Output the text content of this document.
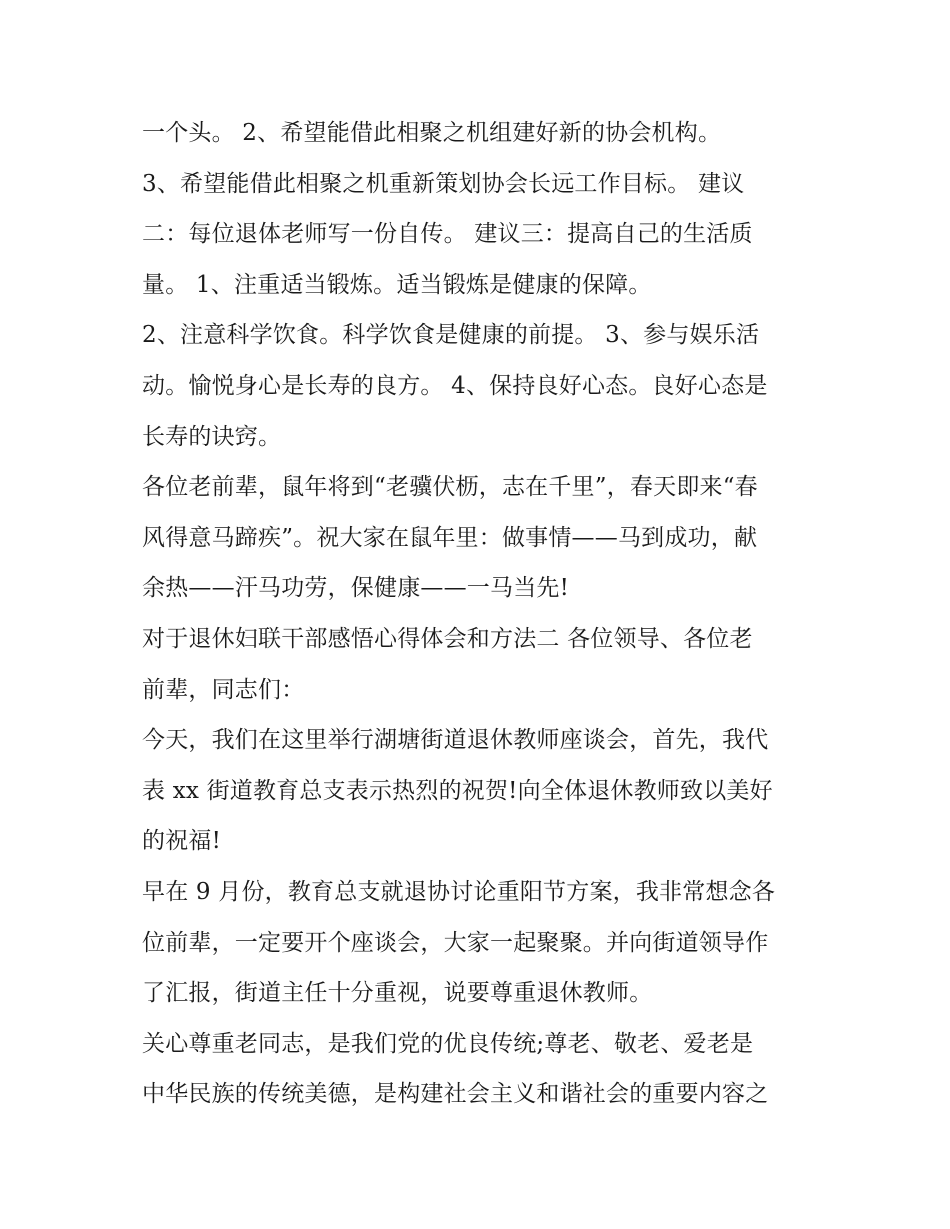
一个头。 2、希望能借此相聚之机组建好新的协会机构。
3、希望能借此相聚之机重新策划协会长远工作目标。 建议
二：每位退体老师写一份自传。 建议三：提高自己的生活质
量。 1、注重适当锻炼。适当锻炼是健康的保障。
2、注意科学饮食。科学饮食是健康的前提。 3、参与娱乐活
动。愉悦身心是长寿的良方。 4、保持良好心态。良好心态是
长寿的诀窍。
各位老前辈，鼠年将到“老骥伏枥，志在千里”，春天即来“春
风得意马蹄疾”。祝大家在鼠年里：做事情——马到成功，献
余热——汗马功劳，保健康——一马当先!
对于退休妇联干部感悟心得体会和方法二 各位领导、各位老
前辈，同志们：
今天，我们在这里举行湖塘街道退休教师座谈会，首先，我代
表 xx 街道教育总支表示热烈的祝贺!向全体退休教师致以美好
的祝福!
早在 9 月份，教育总支就退协讨论重阳节方案，我非常想念各
位前辈，一定要开个座谈会，大家一起聚聚。并向街道领导作
了汇报，街道主任十分重视，说要尊重退休教师。
关心尊重老同志，是我们党的优良传统;尊老、敬老、爱老是
中华民族的传统美德，是构建社会主义和谐社会的重要内容之
